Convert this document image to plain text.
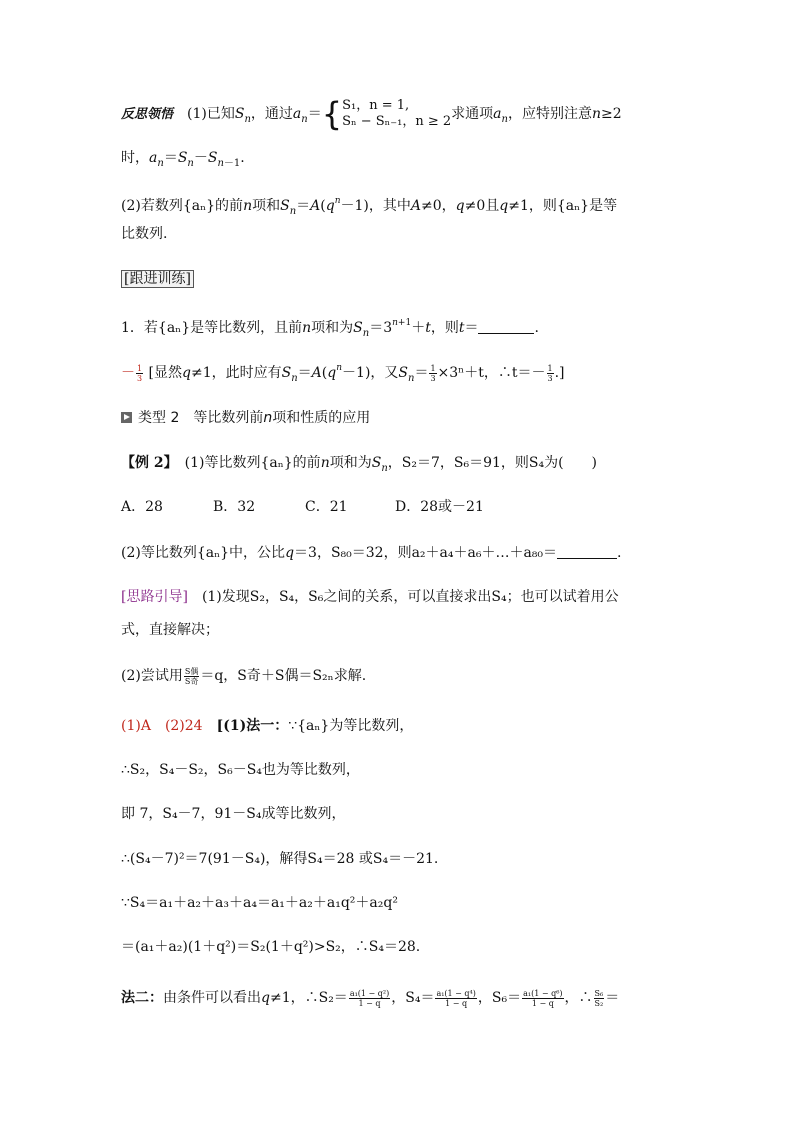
反思领悟 (1)已知$S_n$，通过$a_n=${ S₁，n = 1,
Sₙ − Sₙ₋₁，n ≥ 2 求通项$a_n$，应特别注意n≥2
时，$a_n=S_n-S_{n-1}$.
(2)若数列{aₙ}的前n项和$S_n=A(q^n-1)$，其中A≠0，q≠0且q≠1，则{aₙ}是等
比数列.
[跟进训练]
1．若{aₙ}是等比数列，且前n项和为$S_n=3^{n+1}+t$，则t＝	.
－ $\frac{1}{3}$ [显然q≠1，此时应有$S_n=A(q^n-1)$，又$S_n= \frac{1}{3} \times 3^n+t$，∴t＝－ $\frac{1}{3}$ .]
类型 2　等比数列前n项和性质的应用
【例 2】　 (1)等比数列{aₙ}的前n项和为$S_n$，S₂＝7，S₆＝91，则S₄为(　　)
A．28	B．32	C．21	D．28或－21
(2)等比数列{aₙ}中，公比q＝3，S₈₀＝32，则a₂＋a₄＋a₆＋…＋a₈₀＝	.
[思路引导]　 (1)发现S₂，S₄，S₆之间的关系，可以直接求出S₄；也可以试着用公
式，直接解决；
(2)尝试用 $\frac{\text{S偶}}{\text{S奇}} =q$，S奇＋S偶＝S₂ₙ求解.
(1)A　(2)24　 [(1)法一：∵{aₙ}为等比数列，
∴S₂，S₄－S₂，S₆－S₄也为等比数列，
即 7，S₄－7，91－S₄成等比数列，
∴(S₄－7)²＝7(91－S₄)，解得S₄＝28 或S₄＝－21.
∵S₄＝a₁＋a₂＋a₃＋a₄＝a₁＋a₂＋a₁q²＋a₂q²
＝(a₁＋a₂)(1＋q²)＝S₂(1＋q²)>S₂，∴S₄＝28.
法二：由条件可以看出q≠1，∴S₂＝ $\frac{\text{a₁(1 − q²)}}{1 - q}$ ，$S_4= \frac{\text{a₁(1 − q⁴)}}{1 - q}$ ，$S_6= \frac{\text{a₁(1 − q⁶)}}{1 - q}$ ，∴ $\frac{\text{S₆}}{\text{S₂}}$ ＝
